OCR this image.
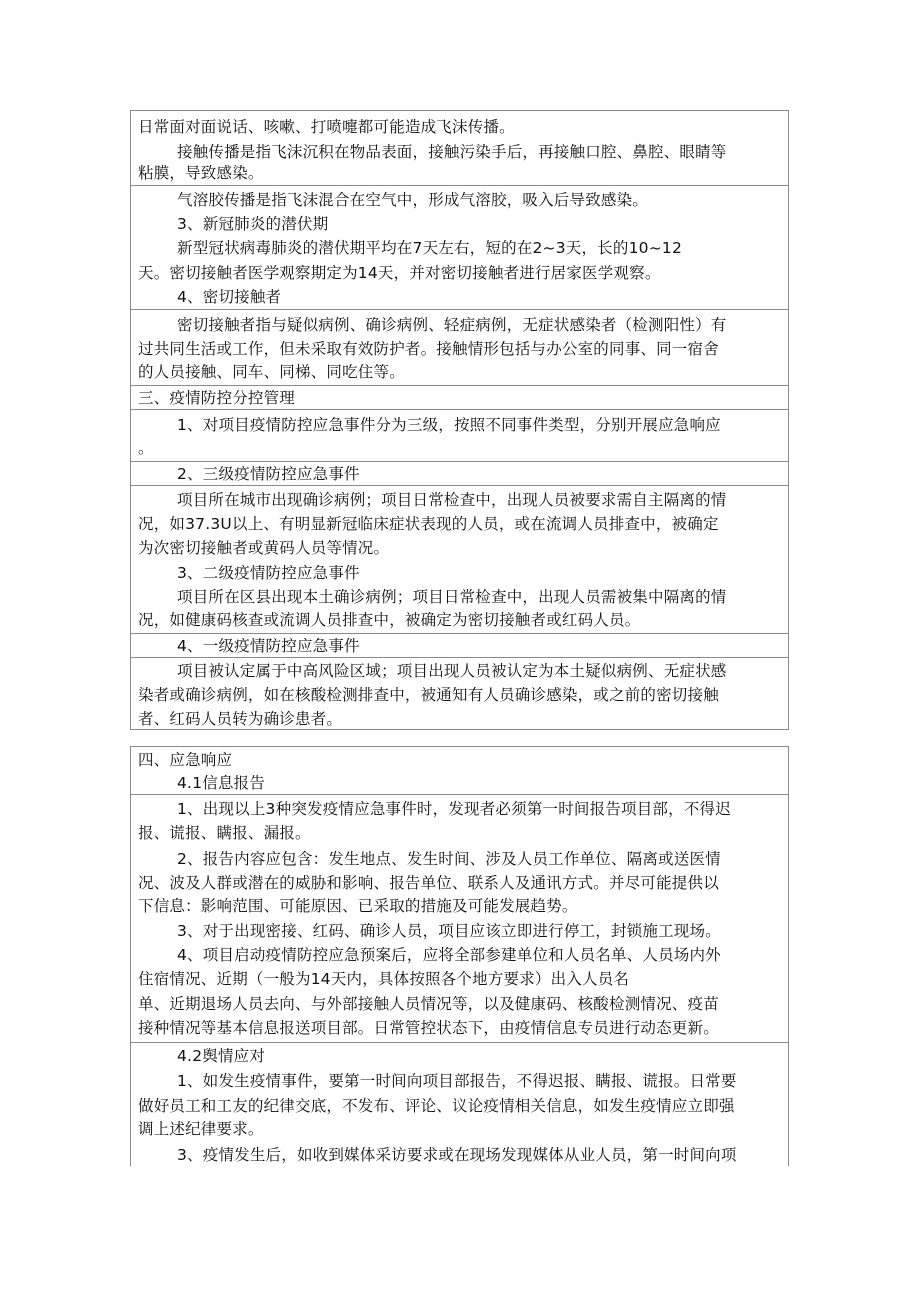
日常面对面说话、咳嗽、打喷嚏都可能造成飞沫传播。
接触传播是指飞沫沉积在物品表面，接触污染手后，再接触口腔、鼻腔、眼睛等
粘膜，导致感染。
气溶胶传播是指飞沫混合在空气中，形成气溶胶，吸入后导致感染。
3、新冠肺炎的潜伏期
新型冠状病毒肺炎的潜伏期平均在7天左右，短的在2~3天，长的10~12
天。密切接触者医学观察期定为14天，并对密切接触者进行居家医学观察。
4、密切接触者
密切接触者指与疑似病例、确诊病例、轻症病例，无症状感染者（检测阳性）有
过共同生活或工作，但未采取有效防护者。接触情形包括与办公室的同事、同一宿舍
的人员接触、同车、同梯、同吃住等。
三、疫情防控分控管理
1、对项目疫情防控应急事件分为三级，按照不同事件类型，分别开展应急响应
。
2、三级疫情防控应急事件
项目所在城市出现确诊病例；项目日常检查中，出现人员被要求需自主隔离的情
况，如37.3U以上、有明显新冠临床症状表现的人员，或在流调人员排查中，被确定
为次密切接触者或黄码人员等情况。
3、二级疫情防控应急事件
项目所在区县出现本土确诊病例；项目日常检查中，出现人员需被集中隔离的情
况，如健康码核查或流调人员排查中，被确定为密切接触者或红码人员。
4、一级疫情防控应急事件
项目被认定属于中高风险区域；项目出现人员被认定为本土疑似病例、无症状感
染者或确诊病例，如在核酸检测排查中，被通知有人员确诊感染，或之前的密切接触
者、红码人员转为确诊患者。
四、应急响应
4.1信息报告
1、出现以上3种突发疫情应急事件时，发现者必须第一时间报告项目部，不得迟
报、谎报、瞒报、漏报。
2、报告内容应包含：发生地点、发生时间、涉及人员工作单位、隔离或送医情
况、波及人群或潜在的威胁和影响、报告单位、联系人及通讯方式。并尽可能提供以
下信息：影响范围、可能原因、已采取的措施及可能发展趋势。
3、对于出现密接、红码、确诊人员，项目应该立即进行停工，封锁施工现场。
4、项目启动疫情防控应急预案后，应将全部参建单位和人员名单、人员场内外
住宿情况、近期（一般为14天内，具体按照各个地方要求）出入人员名
单、近期退场人员去向、与外部接触人员情况等，以及健康码、核酸检测情况、疫苗
接种情况等基本信息报送项目部。日常管控状态下，由疫情信息专员进行动态更新。
4.2舆情应对
1、如发生疫情事件，要第一时间向项目部报告，不得迟报、瞒报、谎报。日常要
做好员工和工友的纪律交底，不发布、评论、议论疫情相关信息，如发生疫情应立即强
调上述纪律要求。
3、疫情发生后，如收到媒体采访要求或在现场发现媒体从业人员，第一时间向项
